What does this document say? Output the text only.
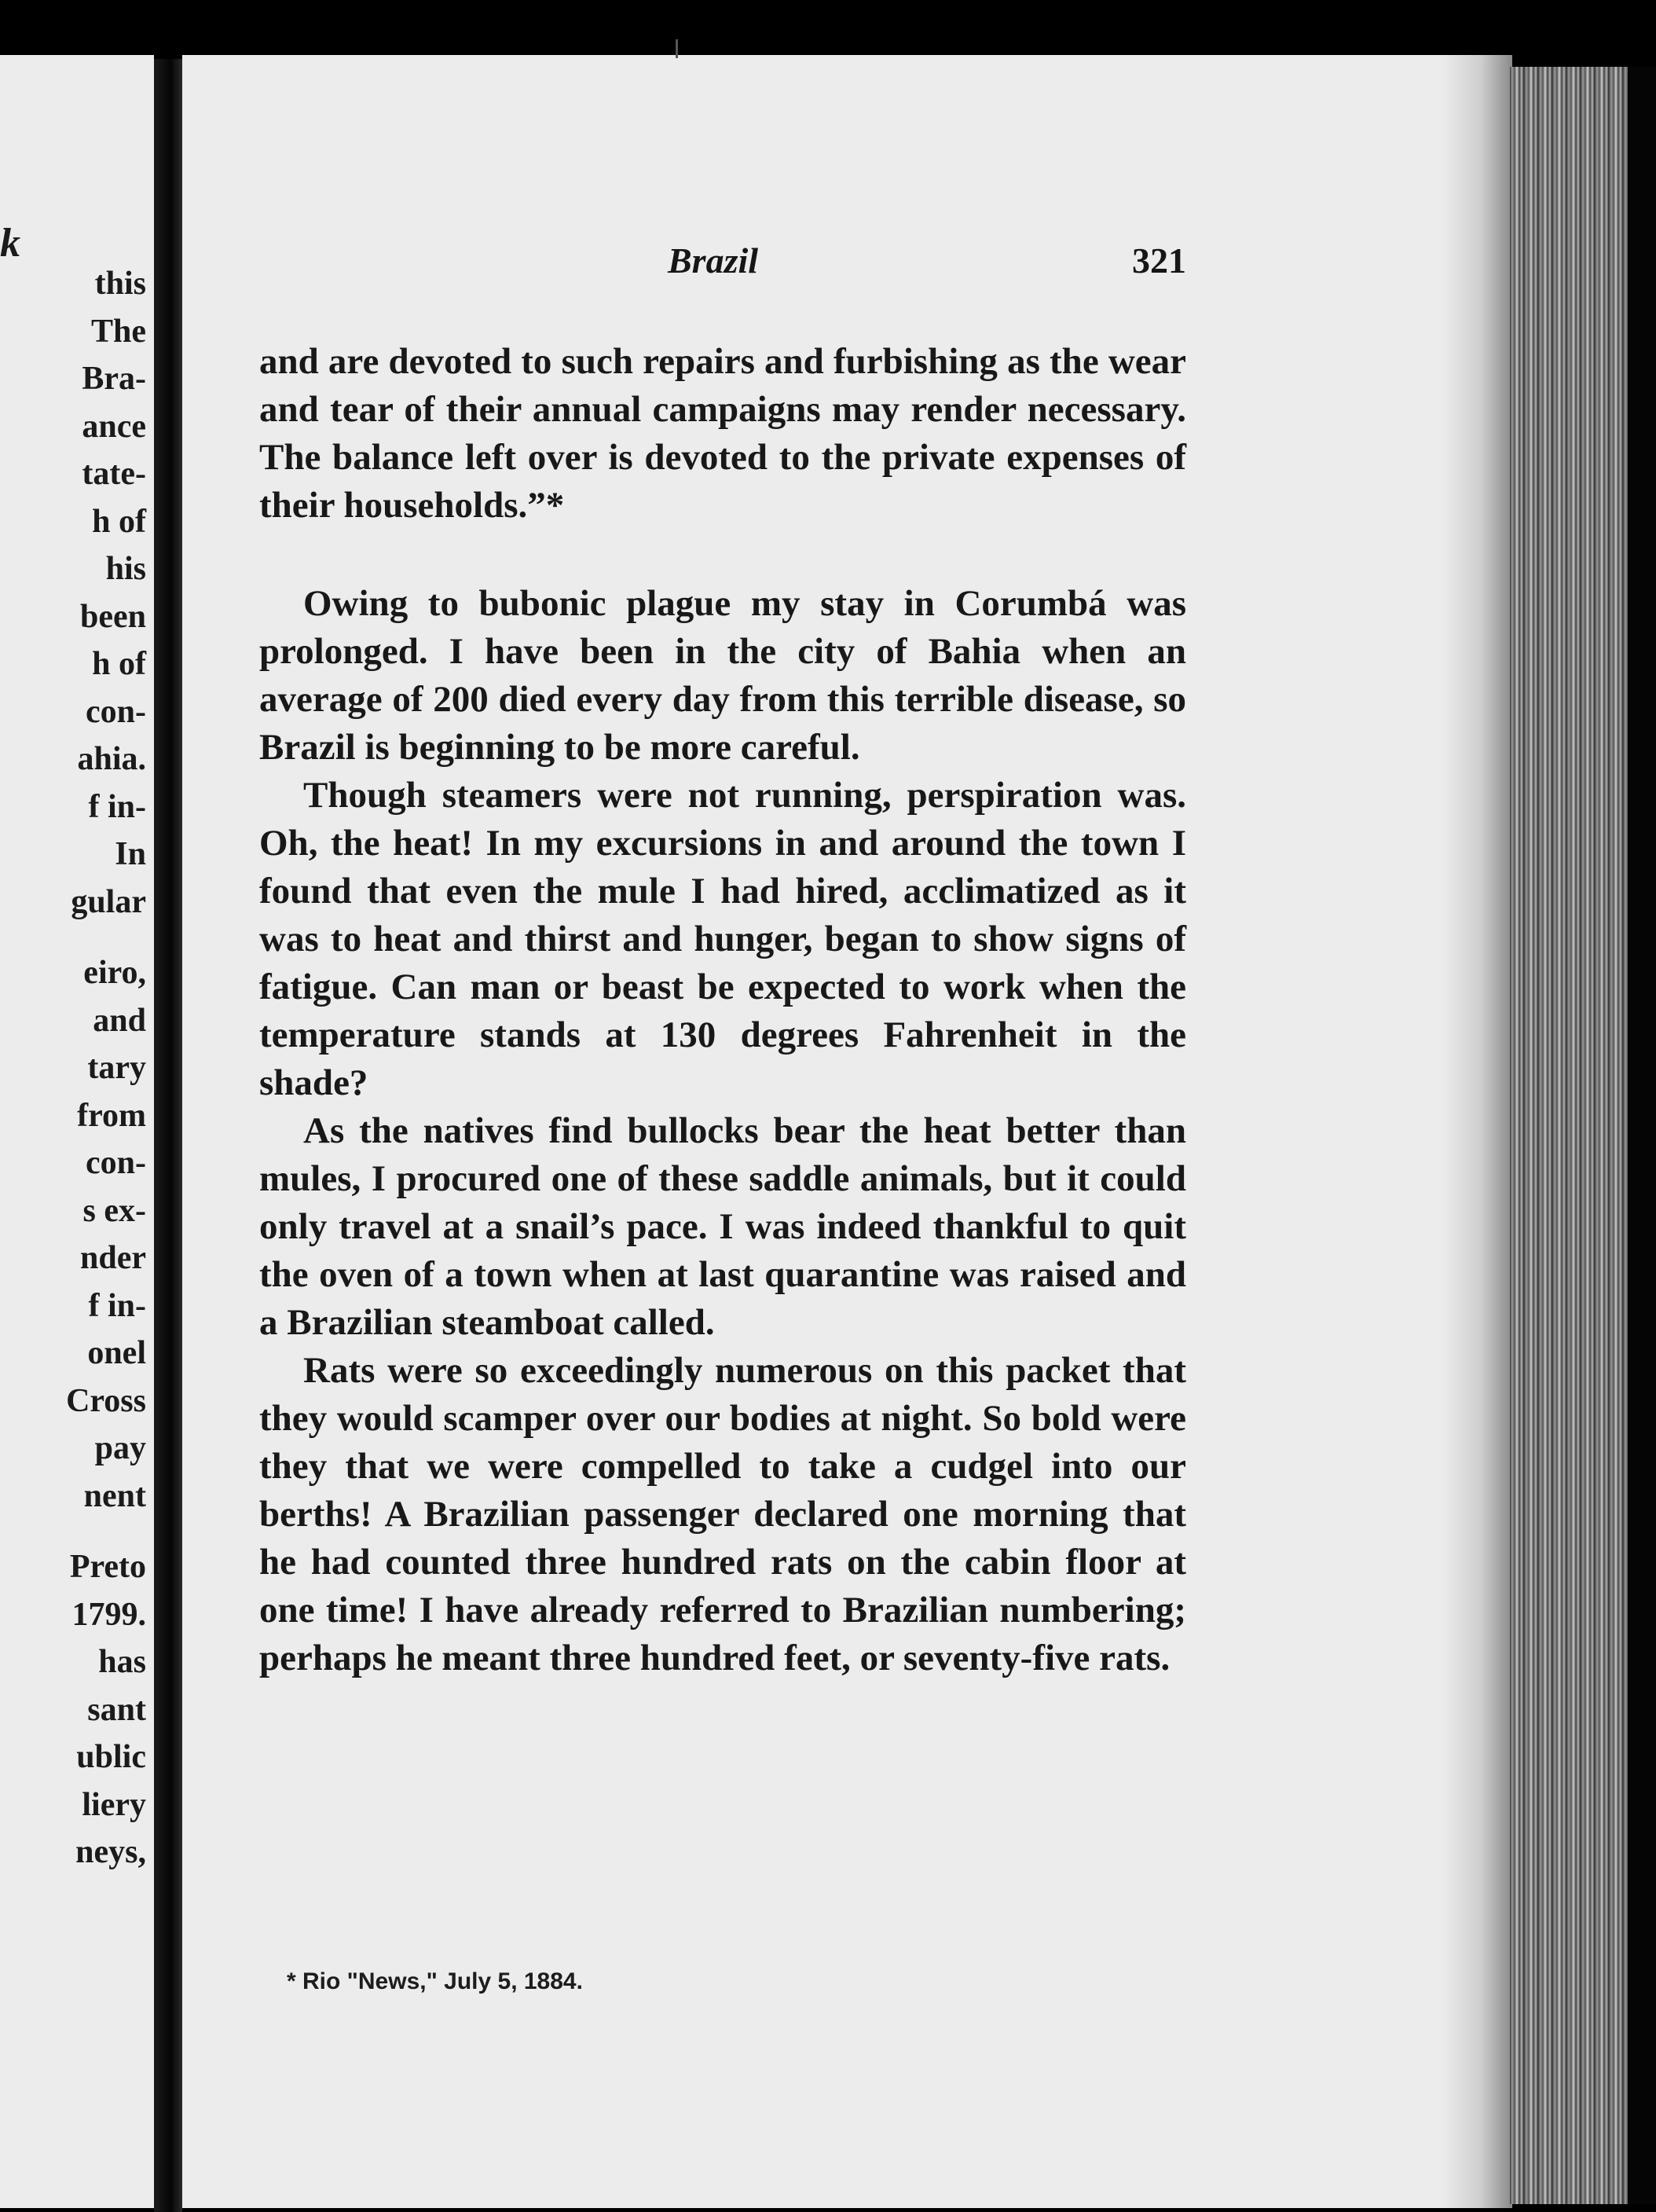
k
this
The
Bra-
ance
tate-
h of
his
been
h of
con-
ahia.
f in-
In
gular
eiro,
and
tary
from
con-
s ex-
nder
f in-
onel
Cross
pay
nent
Preto
1799.
has
sant
ublic
liery
neys,
Brazil	321

and are devoted to such repairs and furbishing as the wear and tear of their annual campaigns may render necessary. The balance left over is devoted to the private expenses of their households.”*

Owing to bubonic plague my stay in Corumbá was prolonged. I have been in the city of Bahia when an average of 200 died every day from this terrible disease, so Brazil is beginning to be more careful.

Though steamers were not running, perspiration was. Oh, the heat! In my excursions in and around the town I found that even the mule I had hired, acclimatized as it was to heat and thirst and hunger, began to show signs of fatigue. Can man or beast be expected to work when the temperature stands at 130 degrees Fahrenheit in the shade?

As the natives find bullocks bear the heat better than mules, I procured one of these saddle animals, but it could only travel at a snail’s pace. I was indeed thankful to quit the oven of a town when at last quarantine was raised and a Brazilian steamboat called.

Rats were so exceedingly numerous on this packet that they would scamper over our bodies at night. So bold were they that we were compelled to take a cudgel into our berths! A Brazilian passenger declared one morning that he had counted three hundred rats on the cabin floor at one time! I have already referred to Brazilian numbering; perhaps he meant three hundred feet, or seventy-five rats.

* Rio "News," July 5, 1884.
